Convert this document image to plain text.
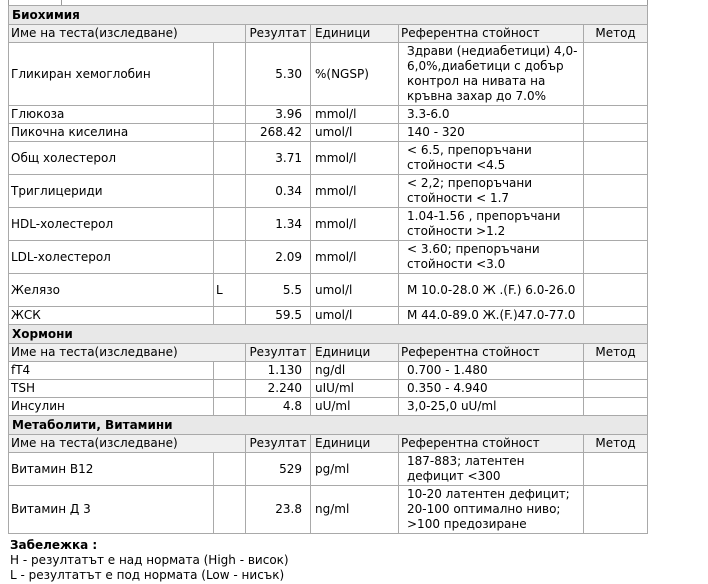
Биохимия					
Име на теста(изследване)		Резултат	Единици	Референтна стойност	Метод
Гликиран хемоглобин		5.30	%(NGSP)	Здрави (недиабетици) 4,0-6,0%,диабетици с добър контрол на нивата на кръвна захар до 7.0%	
Глюкоза		3.96	mmol/l	3.3-6.0	
Пикочна киселина		268.42	umol/l	140 - 320	
Общ холестерол		3.71	mmol/l	< 6.5, препоръчани стойности <4.5	
Триглицериди		0.34	mmol/l	< 2,2; препоръчани стойности < 1.7	
HDL-холестерол		1.34	mmol/l	1.04-1.56 , препоръчани стойности >1.2	
LDL-холестерол		2.09	mmol/l	< 3.60; препоръчани стойности <3.0	
Желязо	L	5.5	umol/l	М 10.0-28.0 Ж .(F.) 6.0-26.0	
ЖСК		59.5	umol/l	М 44.0-89.0 Ж.(F.)47.0-77.0	
Хормони					
Име на теста(изследване)		Резултат	Единици	Референтна стойност	Метод
fT4		1.130	ng/dl	0.700 - 1.480	
TSH		2.240	uIU/ml	0.350 - 4.940	
Инсулин		4.8	uU/ml	3,0-25,0 uU/ml	
Метаболити, Витамини					
Име на теста(изследване)		Резултат	Единици	Референтна стойност	Метод
Витамин B12		529	pg/ml	187-883; латентен дефицит <300	
Витамин Д 3		23.8	ng/ml	10-20 латентен дефицит; 20-100 оптимално ниво; >100 предозиране	
Забележка :
H - резултатът е над нормата (High - висок)
L - резултатът е под нормата (Low - нисък)
